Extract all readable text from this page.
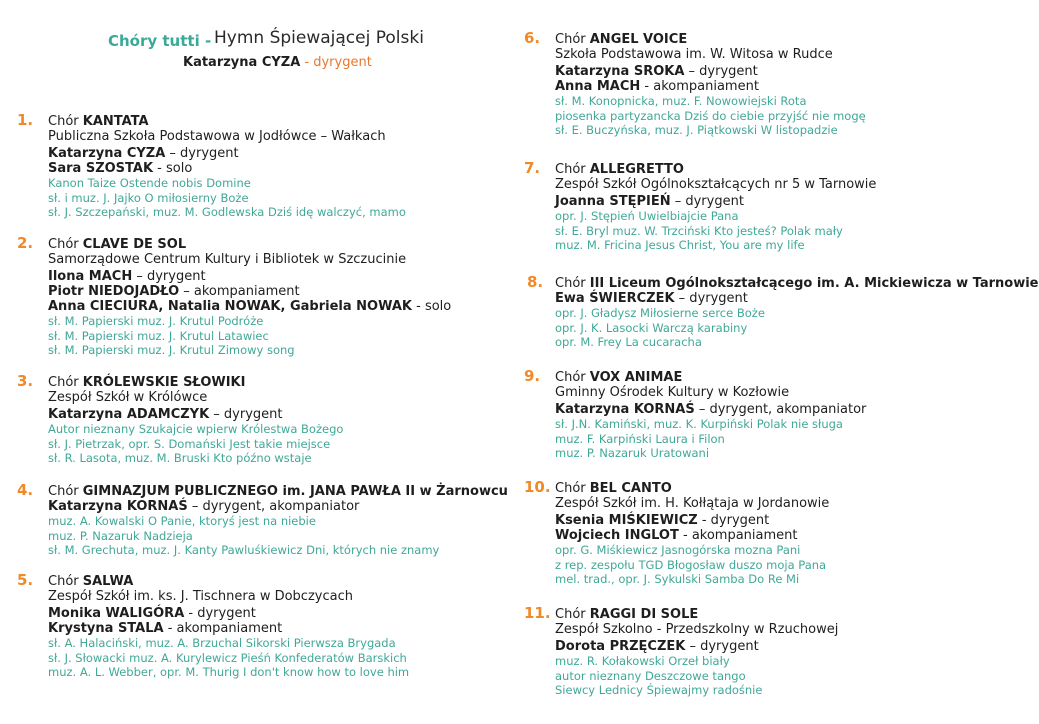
Chóry tutti - Hymn Śpiewającej Polski
Katarzyna CYZA - dyrygent
1. Chór KANTATA
Publiczna Szkoła Podstawowa w Jodłówce – Wałkach
Katarzyna CYZA – dyrygent
Sara SZOSTAK - solo
Kanon Taize Ostende nobis Domine
sł. i muz. J. Jajko O miłosierny Boże
sł. J. Szczepański, muz. M. Godlewska Dziś idę walczyć, mamo
2. Chór CLAVE DE SOL
Samorządowe Centrum Kultury i Bibliotek w Szczucinie
Ilona MACH – dyrygent
Piotr NIEDOJADŁO – akompaniament
Anna CIECIURA, Natalia NOWAK, Gabriela NOWAK - solo
sł. M. Papierski muz. J. Krutul Podróże
sł. M. Papierski muz. J. Krutul Latawiec
sł. M. Papierski muz. J. Krutul Zimowy song
3. Chór KRÓLEWSKIE SŁOWIKI
Zespół Szkół w Królówce
Katarzyna ADAMCZYK – dyrygent
Autor nieznany Szukajcie wpierw Królestwa Bożego
sł. J. Pietrzak, opr. S. Domański Jest takie miejsce
sł. R. Lasota, muz. M. Bruski Kto późno wstaje
4. Chór GIMNAZJUM PUBLICZNEGO im. JANA PAWŁA II w Żarnowcu
Katarzyna KORNAŚ – dyrygent, akompaniator
muz. A. Kowalski O Panie, ktoryś jest na niebie
muz. P. Nazaruk Nadzieja
sł. M. Grechuta, muz. J. Kanty Pawluśkiewicz Dni, których nie znamy
5. Chór SALWA
Zespół Szkół im. ks. J. Tischnera w Dobczycach
Monika WALIGÓRA - dyrygent
Krystyna STALA - akompaniament
sł. A. Halaciński, muz. A. Brzuchal Sikorski Pierwsza Brygada
sł. J. Słowacki muz. A. Kurylewicz Pieśń Konfederatów Barskich
muz. A. L. Webber, opr. M. Thurig I don't know how to love him
6. Chór ANGEL VOICE
Szkoła Podstawowa im. W. Witosa w Rudce
Katarzyna SROKA – dyrygent
Anna MACH - akompaniament
sł. M. Konopnicka, muz. F. Nowowiejski Rota
piosenka partyzancka Dziś do ciebie przyjść nie mogę
sł. E. Buczyńska, muz. J. Piątkowski W listopadzie
7. Chór ALLEGRETTO
Zespół Szkół Ogólnokształcących nr 5 w Tarnowie
Joanna STĘPIEŃ – dyrygent
opr. J. Stępień Uwielbiajcie Pana
sł. E. Bryl muz. W. Trzciński Kto jesteś? Polak mały
muz. M. Fricina Jesus Christ, You are my life
8. Chór III Liceum Ogólnokształcącego im. A. Mickiewicza w Tarnowie
Ewa ŚWIERCZEK – dyrygent
opr. J. Gładysz Miłosierne serce Boże
opr. J. K. Lasocki Warczą karabiny
opr. M. Frey La cucaracha
9. Chór VOX ANIMAE
Gminny Ośrodek Kultury w Kozłowie
Katarzyna KORNAŚ – dyrygent, akompaniator
sł. J.N. Kamiński, muz. K. Kurpiński Polak nie sługa
muz. F. Karpiński Laura i Filon
muz. P. Nazaruk Uratowani
10. Chór BEL CANTO
Zespół Szkół im. H. Kołłątaja w Jordanowie
Ksenia MIŚKIEWICZ - dyrygent
Wojciech INGLOT - akompaniament
opr. G. Miśkiewicz Jasnogórska mozna Pani
z rep. zespołu TGD Błogosław duszo moja Pana
mel. trad., opr. J. Sykulski Samba Do Re Mi
11. Chór RAGGI DI SOLE
Zespół Szkolno - Przedszkolny w Rzuchowej
Dorota PRZĘCZEK – dyrygent
muz. R. Kołakowski Orzeł biały
autor nieznany Deszczowe tango
Siewcy Lednicy Śpiewajmy radośnie
